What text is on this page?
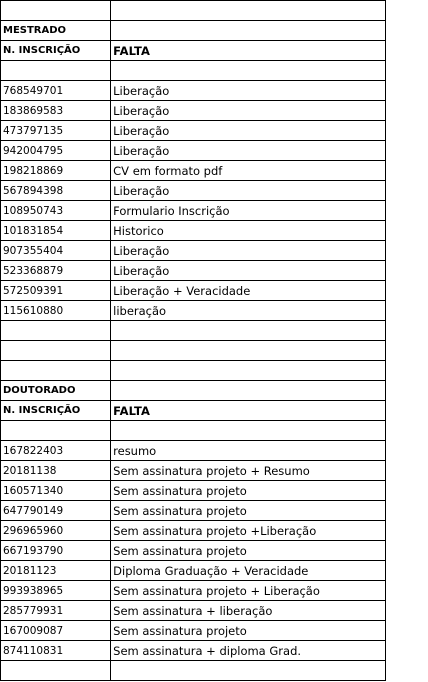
MESTRADO	
N. INSCRIÇÃO	FALTA

768549701	Liberação
183869583	Liberação
473797135	Liberação
942004795	Liberação
198218869	CV em formato pdf
567894398	Liberação
108950743	Formulario Inscrição
101831854	Historico
907355404	Liberação
523368879	Liberação
572509391	Liberação + Veracidade
115610880	liberação

DOUTORADO	
N. INSCRIÇÃO	FALTA

167822403	resumo
20181138	Sem assinatura projeto + Resumo
160571340	Sem assinatura projeto
647790149	Sem assinatura projeto
296965960	Sem assinatura projeto +Liberação
667193790	Sem assinatura projeto
20181123	Diploma Graduação + Veracidade
993938965	Sem assinatura projeto + Liberação
285779931	Sem assinatura + liberação
167009087	Sem assinatura projeto
874110831	Sem assinatura + diploma Grad.
